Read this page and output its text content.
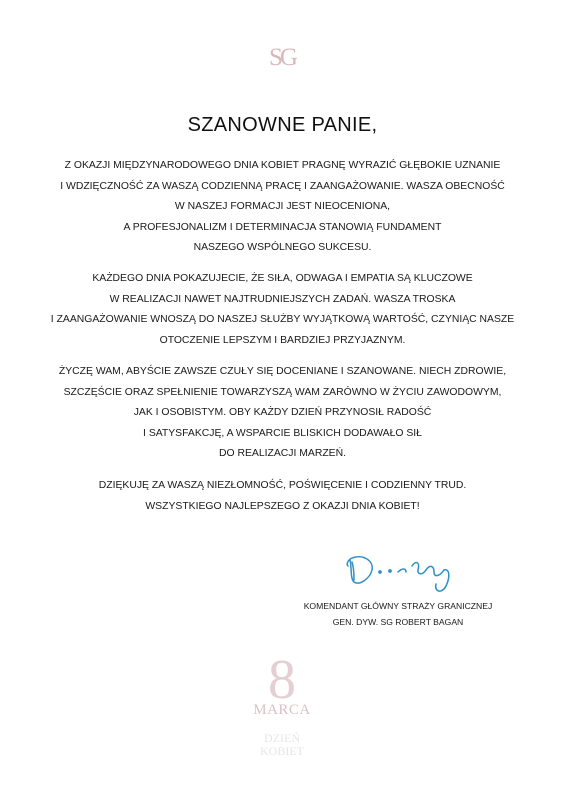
SG
SZANOWNE PANIE,
Z OKAZJI MIĘDZYNARODOWEGO DNIA KOBIET PRAGNĘ WYRAZIĆ GŁĘBOKIE UZNANIE
I WDZIĘCZNOŚĆ ZA WASZĄ CODZIENNĄ PRACĘ I ZAANGAŻOWANIE. WASZA OBECNOŚĆ
W NASZEJ FORMACJI JEST NIEOCENIONA,
A PROFESJONALIZM I DETERMINACJA STANOWIĄ FUNDAMENT
NASZEGO WSPÓLNEGO SUKCESU.
KAŻDEGO DNIA POKAZUJECIE, ŻE SIŁA, ODWAGA I EMPATIA SĄ KLUCZOWE
W REALIZACJI NAWET NAJTRUDNIEJSZYCH ZADAŃ. WASZA TROSKA
I ZAANGAŻOWANIE WNOSZĄ DO NASZEJ SŁUŻBY WYJĄTKOWĄ WARTOŚĆ, CZYNIĄC NASZE
OTOCZENIE LEPSZYM I BARDZIEJ PRZYJAZNYM.
ŻYCZĘ WAM, ABYŚCIE ZAWSZE CZUŁY SIĘ DOCENIANE I SZANOWANE. NIECH ZDROWIE,
SZCZĘŚCIE ORAZ SPEŁNIENIE TOWARZYSZĄ WAM ZARÓWNO W ŻYCIU ZAWODOWYM,
JAK I OSOBISTYM. OBY KAŻDY DZIEŃ PRZYNOSIŁ RADOŚĆ
I SATYSFAKCJĘ, A WSPARCIE BLISKICH DODAWAŁO SIŁ
DO REALIZACJI MARZEŃ.
DZIĘKUJĘ ZA WASZĄ NIEZŁOMNOŚĆ, POŚWIĘCENIE I CODZIENNY TRUD.
WSZYSTKIEGO NAJLEPSZEGO Z OKAZJI DNIA KOBIET!
KOMENDANT GŁÓWNY STRAŻY GRANICZNEJ
GEN. DYW. SG ROBERT BAGAN
8
MARCA
DZIEŃ
KOBIET
